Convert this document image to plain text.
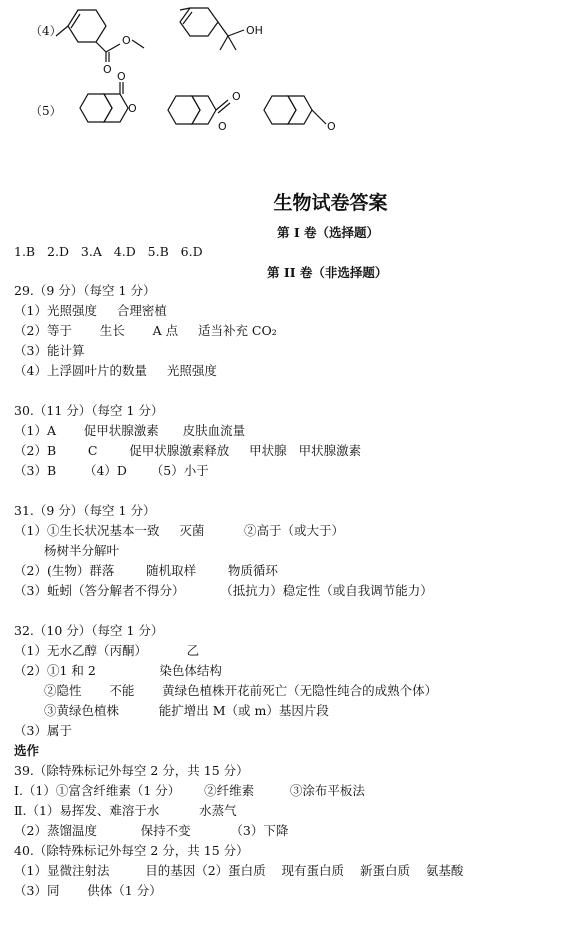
O
O
OH
O
O
O
O	O
（4）
（5）
生物试卷答案
第 I 卷（选择题）
1.B   2.D   3.A   4.D   5.B   6.D
第 II 卷（非选择题）
29.（9 分）（每空 1 分）
（1）光照强度     合理密植
（2）等于       生长       A 点     适当补充 CO₂
（3）能计算
（4）上浮圆叶片的数量     光照强度
30.（11 分）（每空 1 分）
（1）A       促甲状腺激素      皮肤血流量
（2）B        C        促甲状腺激素释放     甲状腺   甲状腺激素
（3）B       （4）D      （5）小于
31.（9 分）（每空 1 分）
（1）①生长状况基本一致     灭菌          ②高于（或大于）
杨树半分解叶
（2）(生物）群落        随机取样        物质循环
（3）蚯蚓（答分解者不得分）         （抵抗力）稳定性（或自我调节能力）
32.（10 分）（每空 1 分）
（1）无水乙醇（丙酮）          乙
（2）①1 和 2                染色体结构
②隐性       不能       黄绿色植株开花前死亡（无隐性纯合的成熟个体）
③黄绿色植株          能扩增出 M（或 m）基因片段
（3）属于
选作
39.（除特殊标记外每空 2 分，共 15 分）
Ⅰ.（1）①富含纤维素（1 分）      ②纤维素         ③涂布平板法
Ⅱ.（1）易挥发、难溶于水          水蒸气
（2）蒸馏温度           保持不变          （3）下降
40.（除特殊标记外每空 2 分，共 15 分）
（1）显微注射法         目的基因（2）蛋白质    现有蛋白质    新蛋白质    氨基酸
（3）同       供体（1 分）
